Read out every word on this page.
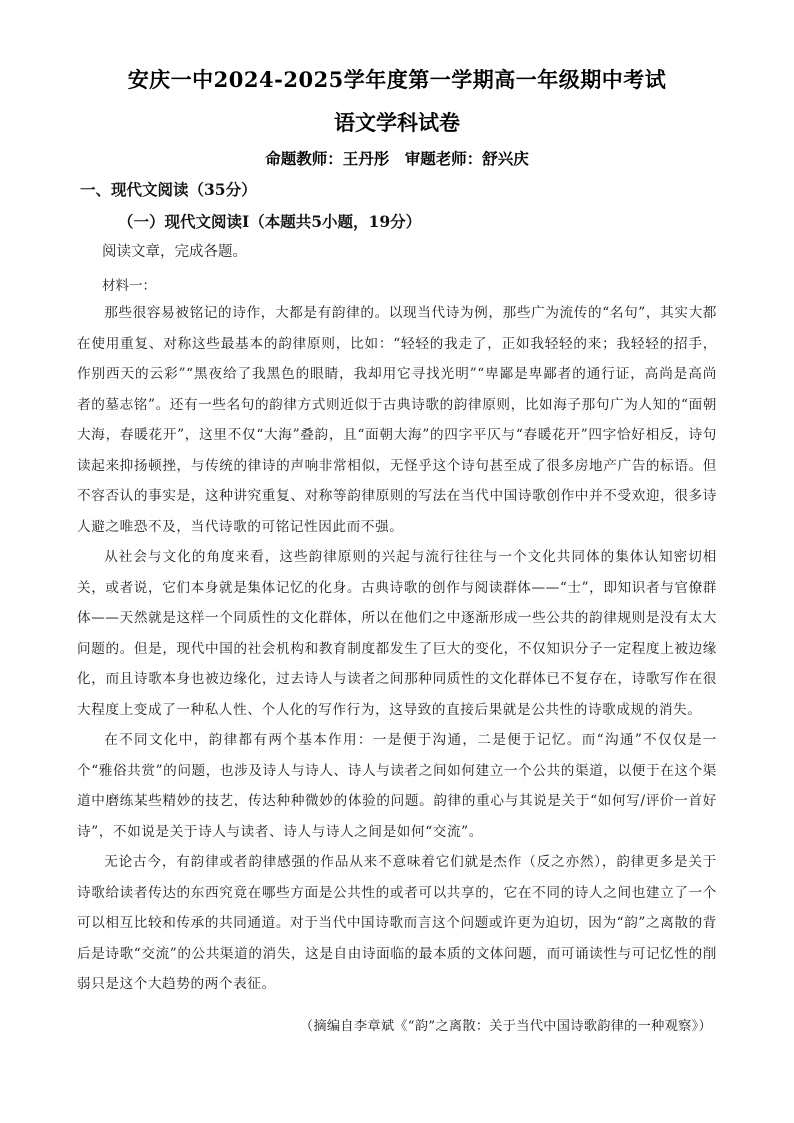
安庆一中2024-2025学年度第一学期高一年级期中考试
语文学科试卷
命题教师：王丹彤　审题老师：舒兴庆
一、现代文阅读（35分）
（一）现代文阅读Ⅰ（本题共5小题，19分）
阅读文章，完成各题。
材料一：

那些很容易被铭记的诗作，大都是有韵律的。以现当代诗为例，那些广为流传的“名句”，其实大都在使用重复、对称这些最基本的韵律原则，比如：“轻轻的我走了，正如我轻轻的来；我轻轻的招手，作别西天的云彩”“黑夜给了我黑色的眼睛，我却用它寻找光明”“卑鄙是卑鄙者的通行证，高尚是高尚者的墓志铭”。还有一些名句的韵律方式则近似于古典诗歌的韵律原则，比如海子那句广为人知的“面朝大海，春暖花开”，这里不仅“大海”叠韵，且“面朝大海”的四字平仄与“春暖花开”四字恰好相反，诗句读起来抑扬顿挫，与传统的律诗的声响非常相似，无怪乎这个诗句甚至成了很多房地产广告的标语。但不容否认的事实是，这种讲究重复、对称等韵律原则的写法在当代中国诗歌创作中并不受欢迎，很多诗人避之唯恐不及，当代诗歌的可铭记性因此而不强。

从社会与文化的角度来看，这些韵律原则的兴起与流行往往与一个文化共同体的集体认知密切相关，或者说，它们本身就是集体记忆的化身。古典诗歌的创作与阅读群体——“士”，即知识者与官僚群体——天然就是这样一个同质性的文化群体，所以在他们之中逐渐形成一些公共的韵律规则是没有太大问题的。但是，现代中国的社会机构和教育制度都发生了巨大的变化，不仅知识分子一定程度上被边缘化，而且诗歌本身也被边缘化，过去诗人与读者之间那种同质性的文化群体已不复存在，诗歌写作在很大程度上变成了一种私人性、个人化的写作行为，这导致的直接后果就是公共性的诗歌成规的消失。

在不同文化中，韵律都有两个基本作用：一是便于沟通，二是便于记忆。而“沟通”不仅仅是一个“雅俗共赏”的问题，也涉及诗人与诗人、诗人与读者之间如何建立一个公共的渠道，以便于在这个渠道中磨练某些精妙的技艺，传达种种微妙的体验的问题。韵律的重心与其说是关于“如何写/评价一首好诗”，不如说是关于诗人与读者、诗人与诗人之间是如何“交流”。

无论古今，有韵律或者韵律感强的作品从来不意味着它们就是杰作（反之亦然），韵律更多是关于诗歌给读者传达的东西究竟在哪些方面是公共性的或者可以共享的，它在不同的诗人之间也建立了一个可以相互比较和传承的共同通道。对于当代中国诗歌而言这个问题或许更为迫切，因为“韵”之离散的背后是诗歌“交流”的公共渠道的消失，这是自由诗面临的最本质的文体问题，而可诵读性与可记忆性的削弱只是这个大趋势的两个表征。

（摘编自李章斌《“韵”之离散：关于当代中国诗歌韵律的一种观察》）
